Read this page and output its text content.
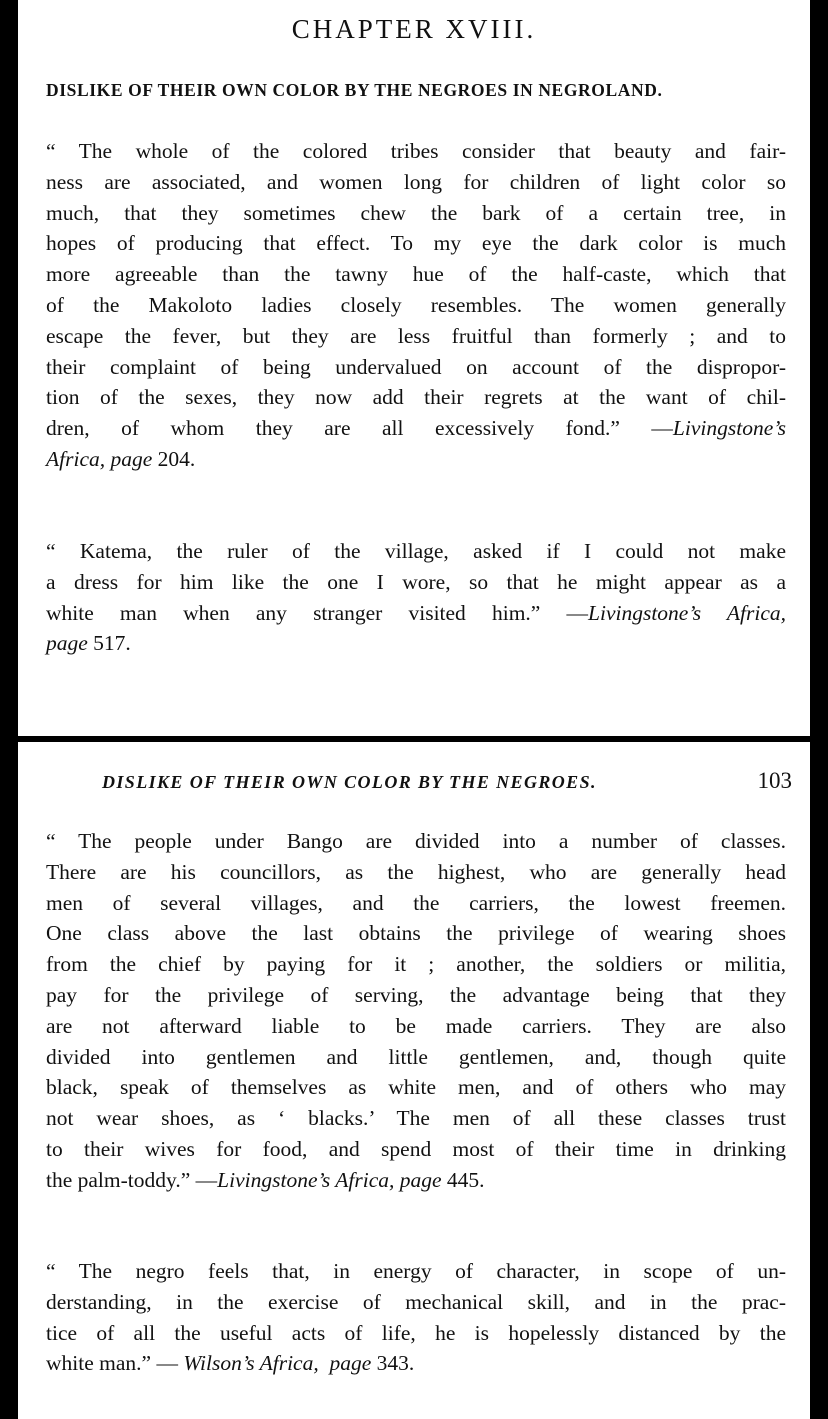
CHAPTER XVIII.
DISLIKE OF THEIR OWN COLOR BY THE NEGROES IN NEGROLAND.
“ The whole of the colored tribes consider that beauty and fair-
ness are associated, and women long for children of light color so
much, that they sometimes chew the bark of a certain tree, in
hopes of producing that effect. To my eye the dark color is much
more agreeable than the tawny hue of the half-caste, which that
of the Makoloto ladies closely resembles. The women generally
escape the fever, but they are less fruitful than formerly ; and to
their complaint of being undervalued on account of the dispropor-
tion of the sexes, they now add their regrets at the want of chil-
dren, of whom they are all excessively fond.” —Livingstone’s
Africa, page 204.
“ Katema, the ruler of the village, asked if I could not make
a dress for him like the one I wore, so that he might appear as a
white man when any stranger visited him.” —Livingstone’s Africa,
page 517.
DISLIKE OF THEIR OWN COLOR BY THE NEGROES.	103
“ The people under Bango are divided into a number of classes.
There are his councillors, as the highest, who are generally head
men of several villages, and the carriers, the lowest freemen.
One class above the last obtains the privilege of wearing shoes
from the chief by paying for it ; another, the soldiers or militia,
pay for the privilege of serving, the advantage being that they
are not afterward liable to be made carriers. They are also
divided into gentlemen and little gentlemen, and, though quite
black, speak of themselves as white men, and of others who may
not wear shoes, as ‘ blacks.’ The men of all these classes trust
to their wives for food, and spend most of their time in drinking
the palm-toddy.” —Livingstone’s Africa, page 445.
“ The negro feels that, in energy of character, in scope of un-
derstanding, in the exercise of mechanical skill, and in the prac-
tice of all the useful acts of life, he is hopelessly distanced by the
white man.” — Wilson’s Africa, page 343.
